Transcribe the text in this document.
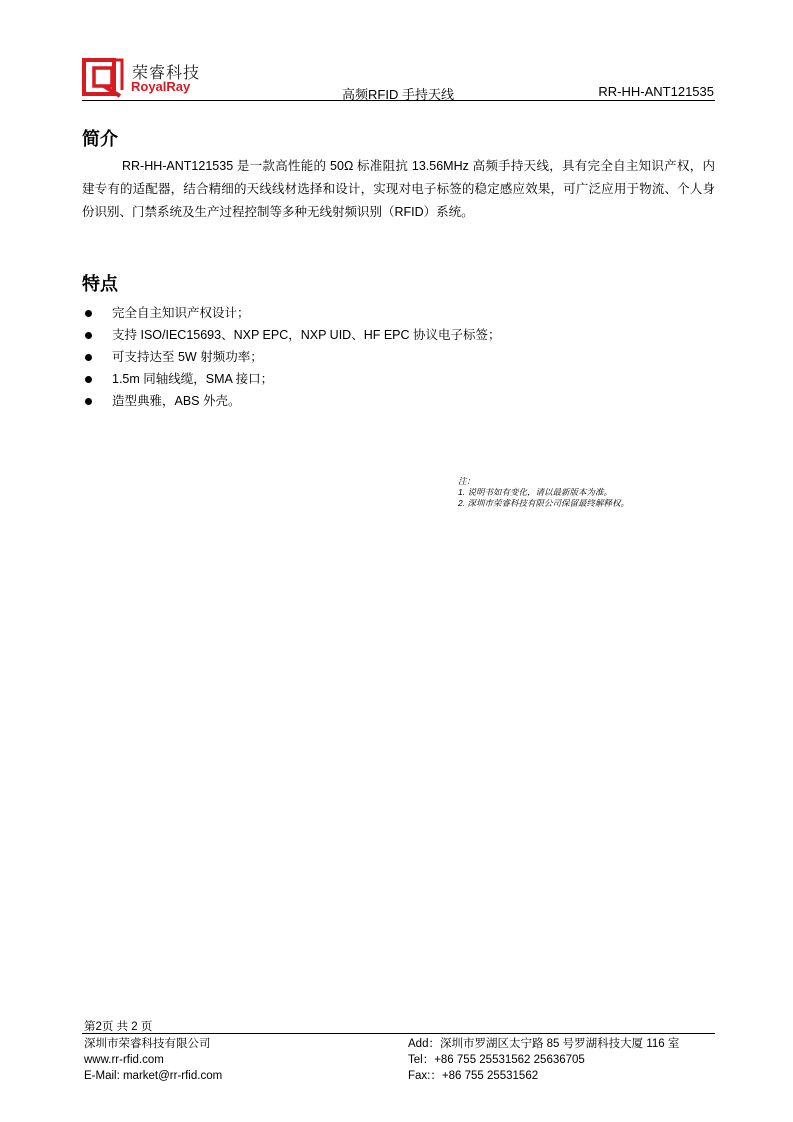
荣睿科技
RoyalRay
高频RFID 手持天线	RR-HH-ANT121535
简介

RR-HH-ANT121535 是一款高性能的 50Ω 标准阻抗 13.56MHz 高频手持天线，具有完全自主知识产权，内建专有的适配器，结合精细的天线线材选择和设计，实现对电子标签的稳定感应效果，可广泛应用于物流、个人身份识别、门禁系统及生产过程控制等多种无线射频识别（RFID）系统。

特点
完全自主知识产权设计；
支持 ISO/IEC15693、NXP EPC，NXP UID、HF EPC 协议电子标签；
可支持达至 5W 射频功率；
1.5m 同轴线缆，SMA 接口；
造型典雅，ABS 外壳。
注：
1. 说明书如有变化，请以最新版本为准。
2. 深圳市荣睿科技有限公司保留最终解释权。
第2页 共 2 页
深圳市荣睿科技有限公司
www.rr-rfid.com
E-Mail: market@rr-rfid.com
Add：深圳市罗湖区太宁路 85 号罗湖科技大厦 116 室
Tel：+86 755 25531562 25636705
Fax:：+86 755 25531562
